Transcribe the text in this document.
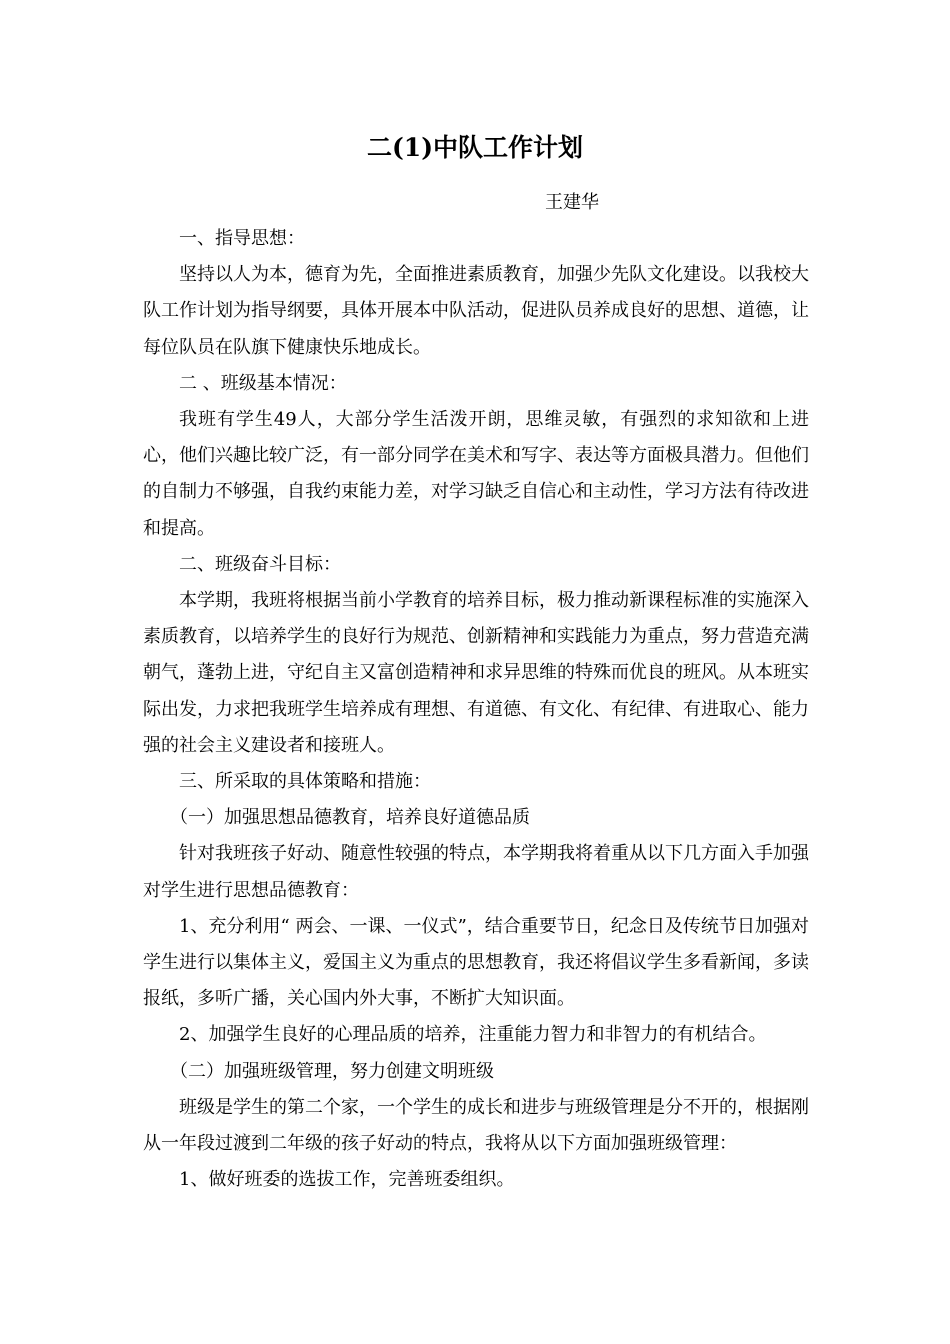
二(1)中队工作计划
王建华

一、指导思想：

坚持以人为本，德育为先，全面推进素质教育，加强少先队文化建设。以我校大队工作计划为指导纲要，具体开展本中队活动，促进队员养成良好的思想、道德，让每位队员在队旗下健康快乐地成长。

二 、班级基本情况：

我班有学生49人，大部分学生活泼开朗，思维灵敏，有强烈的求知欲和上进心，他们兴趣比较广泛，有一部分同学在美术和写字、表达等方面极具潜力。但他们的自制力不够强，自我约束能力差，对学习缺乏自信心和主动性，学习方法有待改进和提高。

二、班级奋斗目标：

本学期，我班将根据当前小学教育的培养目标，极力推动新课程标准的实施深入素质教育，以培养学生的良好行为规范、创新精神和实践能力为重点，努力营造充满朝气，蓬勃上进，守纪自主又富创造精神和求异思维的特殊而优良的班风。从本班实际出发，力求把我班学生培养成有理想、有道德、有文化、有纪律、有进取心、能力强的社会主义建设者和接班人。

三、所采取的具体策略和措施：

（一）加强思想品德教育，培养良好道德品质

针对我班孩子好动、随意性较强的特点，本学期我将着重从以下几方面入手加强对学生进行思想品德教育：

1、充分利用“ 两会、一课、一仪式”，结合重要节日，纪念日及传统节日加强对学生进行以集体主义，爱国主义为重点的思想教育，我还将倡议学生多看新闻，多读报纸，多听广播，关心国内外大事，不断扩大知识面。

2、加强学生良好的心理品质的培养，注重能力智力和非智力的有机结合。

（二）加强班级管理，努力创建文明班级

班级是学生的第二个家，一个学生的成长和进步与班级管理是分不开的，根据刚从一年段过渡到二年级的孩子好动的特点，我将从以下方面加强班级管理：

1、做好班委的选拔工作，完善班委组织。
